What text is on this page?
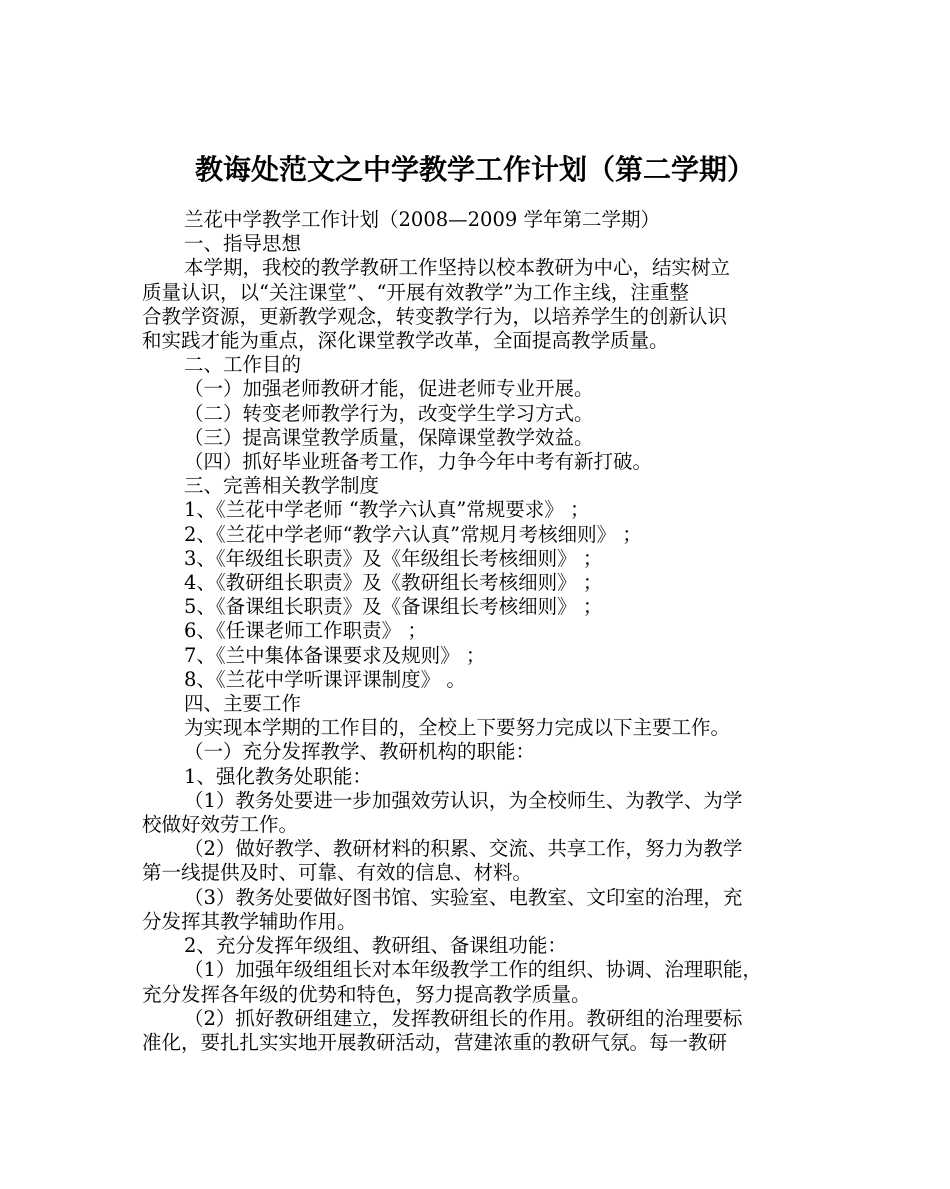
教诲处范文之中学教学工作计划（第二学期）

兰花中学教学工作计划（2008—2009 学年第二学期）

一、指导思想

本学期，我校的教学教研工作坚持以校本教研为中心，结实树立

质量认识，以“关注课堂”、“开展有效教学”为工作主线，注重整

合教学资源，更新教学观念，转变教学行为，以培养学生的创新认识

和实践才能为重点，深化课堂教学改革，全面提高教学质量。

二、工作目的

（一）加强老师教研才能，促进老师专业开展。

（二）转变老师教学行为，改变学生学习方式。

（三）提高课堂教学质量，保障课堂教学效益。

（四）抓好毕业班备考工作，力争今年中考有新打破。

三、完善相关教学制度

1、《兰花中学老师 “教学六认真”常规要求》 ；

2、《兰花中学老师“教学六认真”常规月考核细则》 ；

3、《年级组长职责》及《年级组长考核细则》 ；

4、《教研组长职责》及《教研组长考核细则》 ；

5、《备课组长职责》及《备课组长考核细则》 ；

6、《任课老师工作职责》 ；

7、《兰中集体备课要求及规则》 ；

8、《兰花中学听课评课制度》 。

四、主要工作

为实现本学期的工作目的，全校上下要努力完成以下主要工作。

（一）充分发挥教学、教研机构的职能：

1、强化教务处职能：

（1）教务处要进一步加强效劳认识，为全校师生、为教学、为学

校做好效劳工作。

（2）做好教学、教研材料的积累、交流、共享工作，努力为教学

第一线提供及时、可靠、有效的信息、材料。

（3）教务处要做好图书馆、实验室、电教室、文印室的治理，充

分发挥其教学辅助作用。

2、充分发挥年级组、教研组、备课组功能：

（1）加强年级组组长对本年级教学工作的组织、协调、治理职能，

充分发挥各年级的优势和特色，努力提高教学质量。

（2）抓好教研组建立，发挥教研组长的作用。教研组的治理要标

准化，要扎扎实实地开展教研活动，营建浓重的教研气氛。每一教研
